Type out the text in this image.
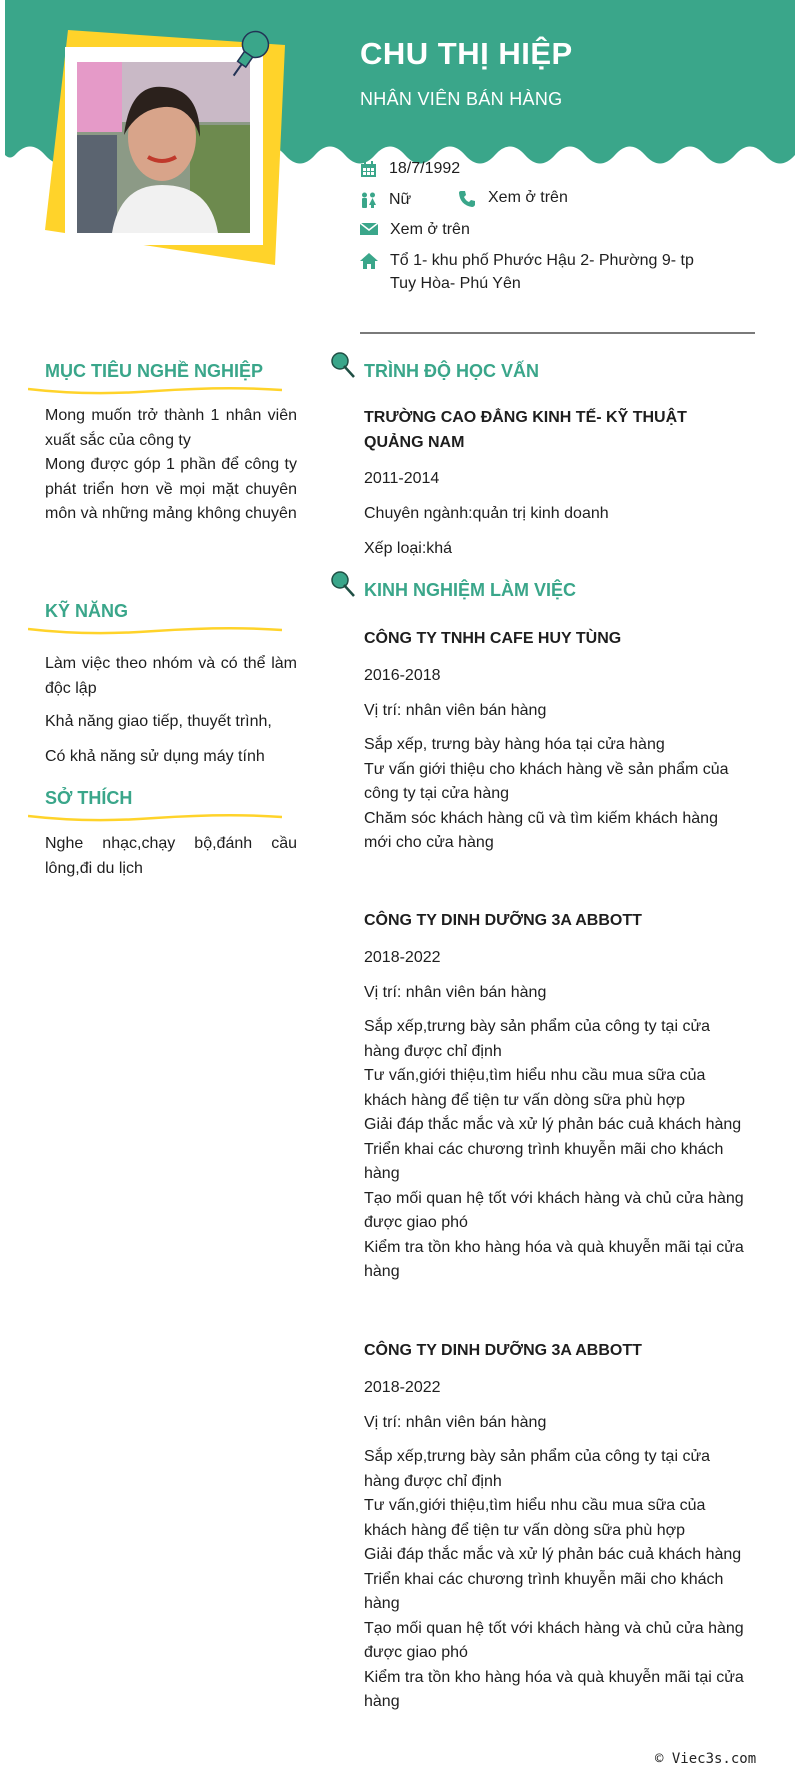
CHU THỊ HIỆP
NHÂN VIÊN BÁN HÀNG
18/7/1992
Nữ	Xem ở trên
Xem ở trên
Tổ 1- khu phố Phước Hậu 2- Phường 9- tp
Tuy Hòa- Phú Yên
MỤC TIÊU NGHỀ NGHIỆP
Mong muốn trở thành 1 nhân viên xuất sắc của công ty
Mong được góp 1 phần để công ty phát triển hơn về mọi mặt chuyên môn và những mảng không chuyên
KỸ NĂNG
Làm việc theo nhóm và có thể làm độc lập
Khả năng giao tiếp, thuyết trình,
Có khả năng sử dụng máy tính
SỞ THÍCH
Nghe nhạc,chạy bộ,đánh cầu lông,đi du lịch
TRÌNH ĐỘ HỌC VẤN
TRƯỜNG CAO ĐẲNG KINH TẾ- KỸ THUẬT QUẢNG NAM
2011-2014
Chuyên ngành:quản trị kinh doanh
Xếp loại:khá
KINH NGHIỆM LÀM VIỆC
CÔNG TY TNHH CAFE HUY TÙNG
2016-2018
Vị trí: nhân viên bán hàng
Sắp xếp, trưng bày hàng hóa tại cửa hàng
Tư vấn giới thiệu cho khách hàng về sản phẩm của công ty tại cửa hàng
Chăm sóc khách hàng cũ và tìm kiếm khách hàng mới cho cửa hàng
CÔNG TY DINH DƯỠNG 3A ABBOTT
2018-2022
Vị trí: nhân viên bán hàng
Sắp xếp,trưng bày sản phẩm của công ty tại cửa hàng được chỉ định
Tư vấn,giới thiệu,tìm hiểu nhu cầu mua sữa của khách hàng để tiện tư vấn dòng sữa phù hợp
Giải đáp thắc mắc và xử lý phản bác cuả khách hàng
Triển khai các chương trình khuyễn mãi cho khách hàng
Tạo mối quan hệ tốt với khách hàng và chủ cửa hàng được giao phó
Kiểm tra tồn kho hàng hóa và quà khuyễn mãi tại cửa hàng
CÔNG TY DINH DƯỠNG 3A ABBOTT
2018-2022
Vị trí: nhân viên bán hàng
Sắp xếp,trưng bày sản phẩm của công ty tại cửa hàng được chỉ định
Tư vấn,giới thiệu,tìm hiểu nhu cầu mua sữa của khách hàng để tiện tư vấn dòng sữa phù hợp
Giải đáp thắc mắc và xử lý phản bác cuả khách hàng
Triển khai các chương trình khuyễn mãi cho khách hàng
Tạo mối quan hệ tốt với khách hàng và chủ cửa hàng được giao phó
Kiểm tra tồn kho hàng hóa và quà khuyễn mãi tại cửa hàng
© Viec3s.com
